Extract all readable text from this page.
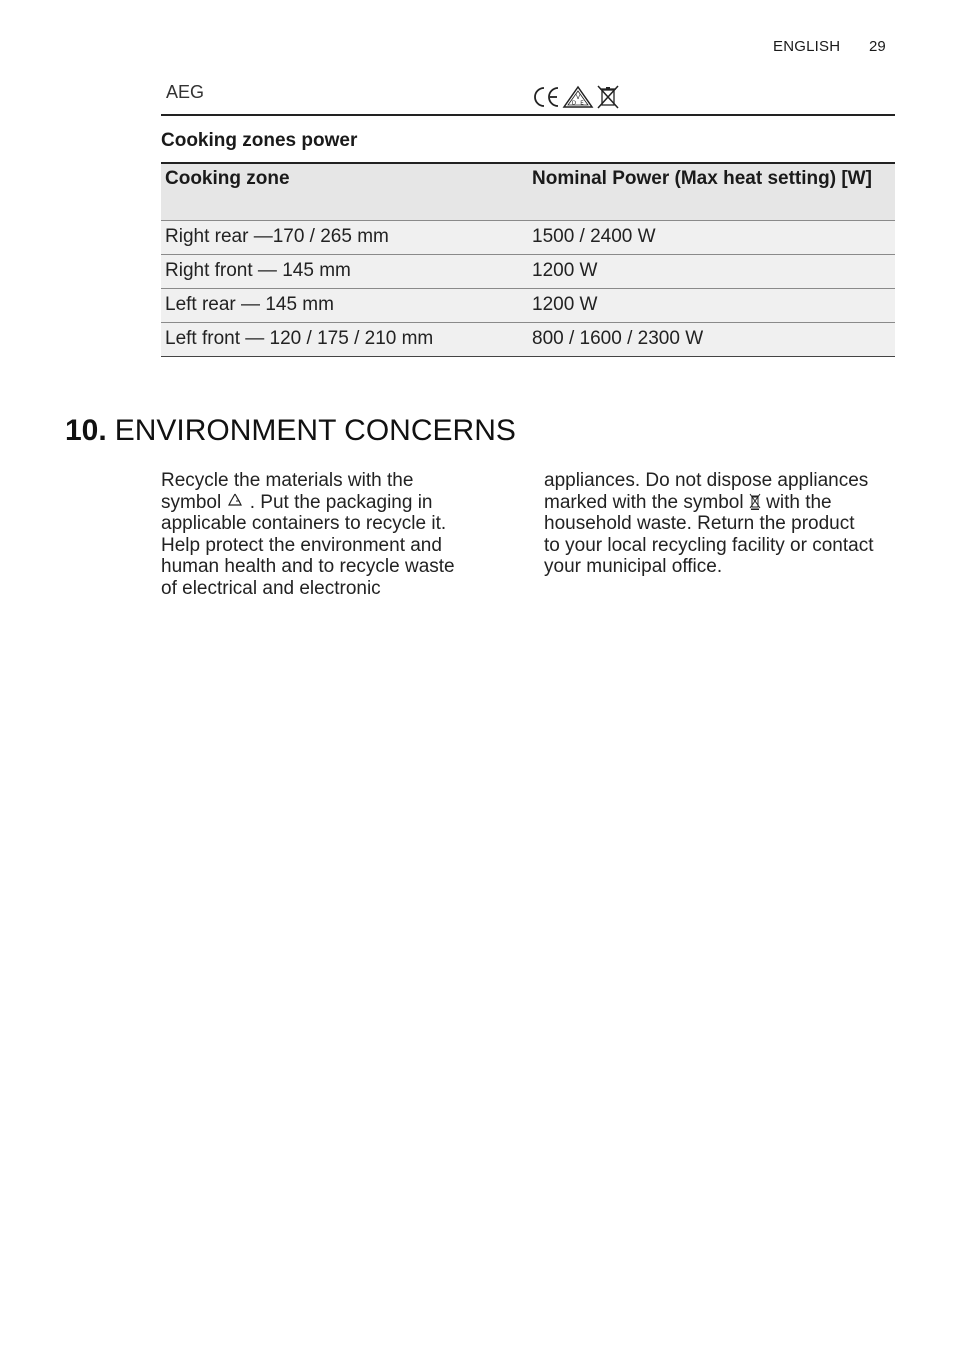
ENGLISH 29
AEG	V
D E
Cooking zones power
Cooking zone	Nominal Power (Max heat setting) [W]
Right rear —170 / 265 mm	1500 / 2400 W
Right front — 145 mm	1200 W
Left rear — 145 mm	1200 W
Left front — 120 / 175 / 210 mm	800 / 1600 / 2300 W
10. ENVIRONMENT CONCERNS
Recycle the materials with the symbol . Put the packaging in applicable containers to recycle it. Help protect the environment and human health and to recycle waste of electrical and electronic
appliances. Do not dispose appliances marked with the symbol with the household waste. Return the product to your local recycling facility or contact your municipal office.
